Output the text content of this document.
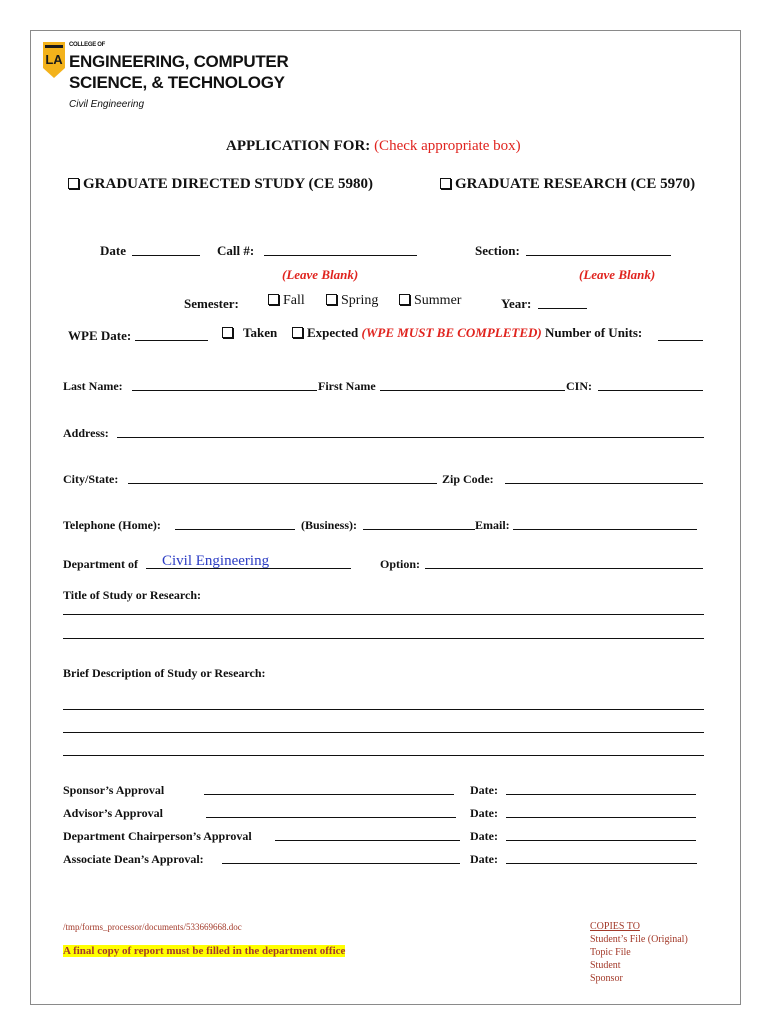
LA
COLLEGE OF
ENGINEERING, COMPUTER
SCIENCE, & TECHNOLOGY
Civil Engineering
APPLICATION FOR: (Check appropriate box)
GRADUATE DIRECTED STUDY (CE 5980)	GRADUATE RESEARCH (CE 5970)
Date	Call #:	Section:
(Leave Blank)	(Leave Blank)
Semester:	Fall	Spring	Summer	Year:
WPE Date:	Taken	Expected (WPE MUST BE COMPLETED) Number of Units:
Last Name:	First Name	CIN:
Address:
City/State:	Zip Code:
Telephone (Home):	(Business):	Email:
Department of Civil Engineering	Option:
Title of Study or Research:
Brief Description of Study or Research:
Sponsor’s Approval	Date:
Advisor’s Approval	Date:
Department Chairperson’s Approval	Date:
Associate Dean’s Approval:	Date:
/tmp/forms_processor/documents/533669668.doc
A final copy of report must be filled in the department office
COPIES TO
Student’s File (Original)
Topic File
Student
Sponsor
